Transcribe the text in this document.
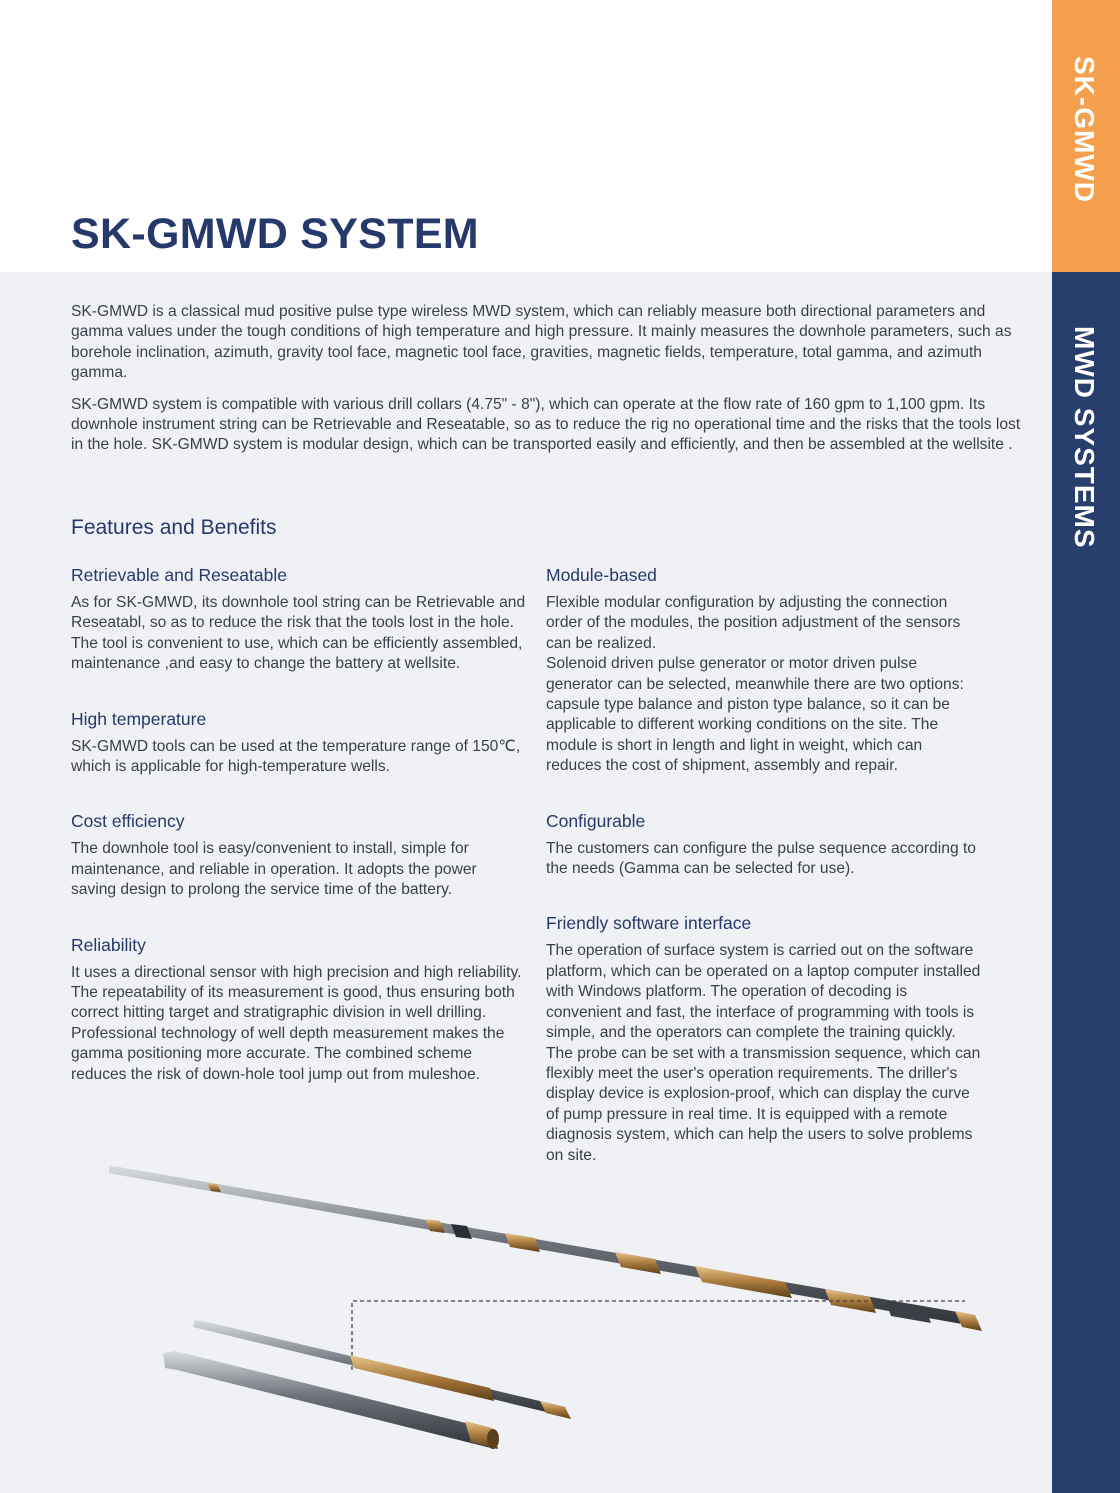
SK-GMWD
MWD SYSTEMS
SK-GMWD SYSTEM

SK-GMWD is a classical mud positive pulse type wireless MWD system, which can reliably measure both directional parameters and gamma values under the tough conditions of high temperature and high pressure. It mainly measures the downhole parameters, such as borehole inclination, azimuth, gravity tool face, magnetic tool face, gravities, magnetic fields, temperature, total gamma, and azimuth gamma.

SK-GMWD system is compatible with various drill collars (4.75" - 8"), which can operate at the flow rate of 160 gpm to 1,100 gpm. Its downhole instrument string can be Retrievable and Reseatable, so as to reduce the rig no operational time and the risks that the tools lost in the hole. SK-GMWD system is modular design, which can be transported easily and efficiently, and then be assembled at the wellsite .

Features and Benefits
Retrievable and Reseatable

As for SK-GMWD, its downhole tool string can be Retrievable and Reseatabl, so as to reduce the risk that the tools lost in the hole. The tool is convenient to use, which can be efficiently assembled, maintenance ,and easy to change the battery at wellsite.

High temperature

SK-GMWD tools can be used at the temperature range of 150℃, which is applicable for high-temperature wells.

Cost efficiency

The downhole tool is easy/convenient to install, simple for maintenance, and reliable in operation. It adopts the power saving design to prolong the service time of the battery.

Reliability

It uses a directional sensor with high precision and high reliability. The repeatability of its measurement is good, thus ensuring both correct hitting target and stratigraphic division in well drilling. Professional technology of well depth measurement makes the gamma positioning more accurate. The combined scheme reduces the risk of down-hole tool jump out from muleshoe.

Module-based

Flexible modular configuration by adjusting the connection order of the modules, the position adjustment of the sensors can be realized.
Solenoid driven pulse generator or motor driven pulse generator can be selected, meanwhile there are two options: capsule type balance and piston type balance, so it can be applicable to different working conditions on the site. The module is short in length and light in weight, which can reduces the cost of shipment, assembly and repair.

Configurable

The customers can configure the pulse sequence according to the needs (Gamma can be selected for use).

Friendly software interface

The operation of surface system is carried out on the software platform, which can be operated on a laptop computer installed with Windows platform. The operation of decoding is convenient and fast, the interface of programming with tools is simple, and the operators can complete the training quickly. The probe can be set with a transmission sequence, which can flexibly meet the user's operation requirements. The driller's display device is explosion-proof, which can display the curve of pump pressure in real time. It is equipped with a remote diagnosis system, which can help the users to solve problems on site.
